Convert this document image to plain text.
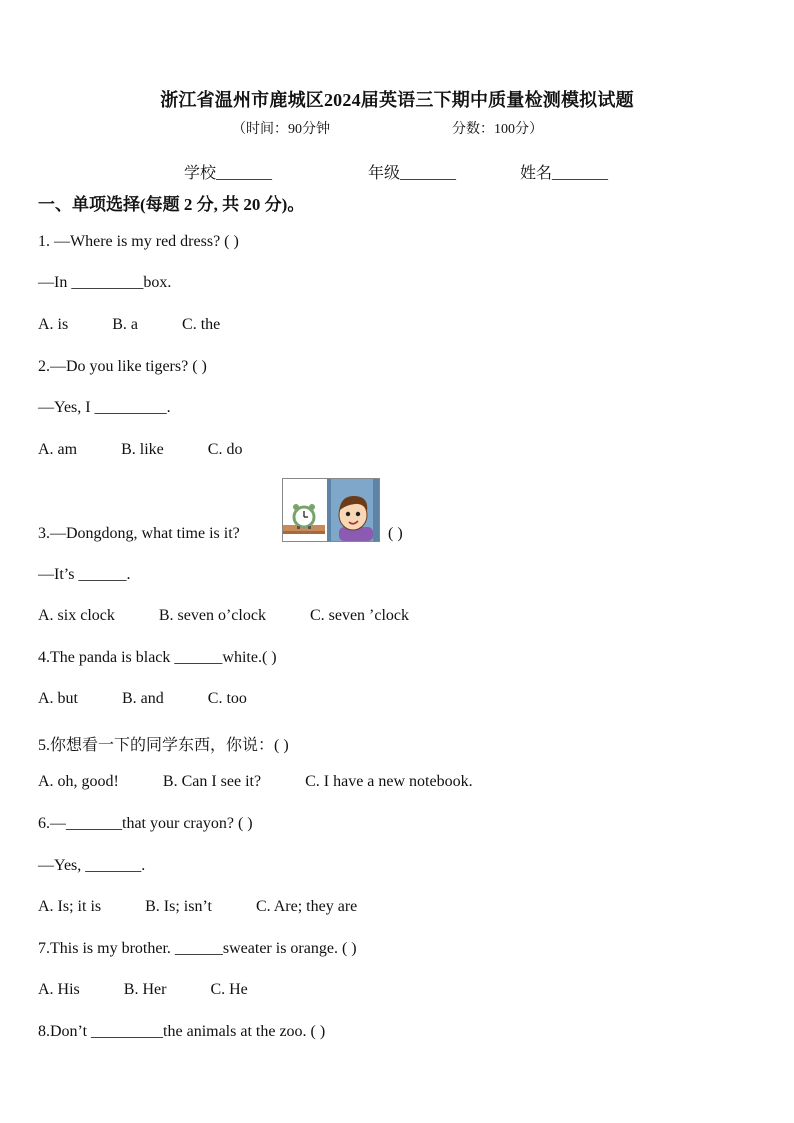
浙江省温州市鹿城区2024届英语三下期中质量检测模拟试题
（时间：90分钟	分数：100分）
学校_______	年级_______	姓名_______
一、单项选择(每题 2 分, 共 20 分)。
1. —Where is my red dress? ( )
—In _________box.
A. is	B. a	C. the
2.—Do you like tigers? ( )
—Yes, I _________.
A. am	B. like	C. do
3.—Dongdong, what time is it?	( )
—It’s ______.
A. six clock	B. seven o’clock	C. seven ’clock
4.The panda is black ______white.( )
A. but	B. and	C. too
5.你想看一下的同学东西，你说：( )
A. oh, good!	B. Can I see it?	C. I have a new notebook.
6.—_______that your crayon? ( )
—Yes, _______.
A. Is; it is	B. Is; isn’t	C. Are; they are
7.This is my brother. ______sweater is orange. ( )
A. His	B. Her	C. He
8.Don’t _________the animals at the zoo. ( )
